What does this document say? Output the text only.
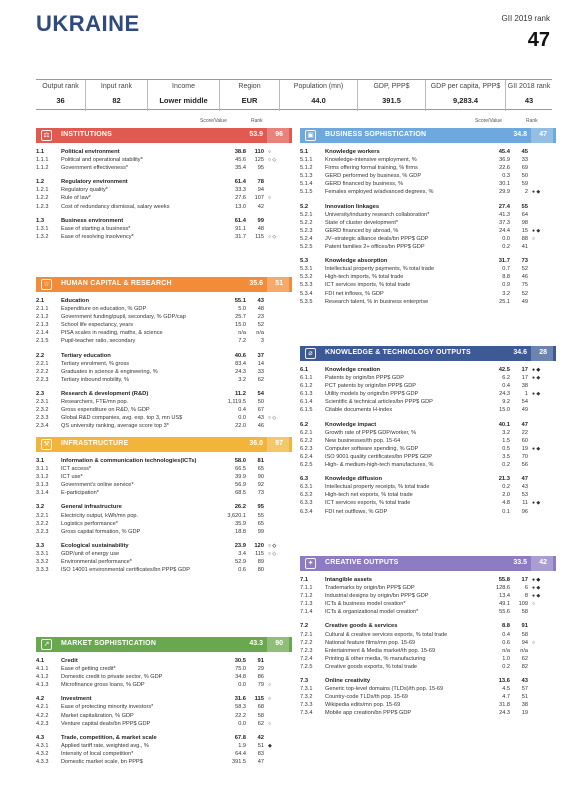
UKRAINE	GII 2019 rank
47
Output rank
36
Input rank
82
Income
Lower middle
Region
EUR
Population (mn)
44.0
GDP, PPP$
391.5
GDP per capita, PPP$
9,283.4
GII 2018 rank
43
Score/Value	Rank	Score/Value	Rank
⚖	INSTITUTIONS	53.9 96
1.1	Political environment	38.8	110 ○
1.1.1	Political and operational stability*	45.6	125 ○ ◇
1.1.2	Government effectiveness*	35.4	95
1.2	Regulatory environment	61.4	78
1.2.1	Regulatory quality*	33.3	94
1.2.2	Rule of law*	27.6	107 ○
1.2.3	Cost of redundancy dismissal, salary weeks	13.0	42
1.3	Business environment	61.4	99
1.3.1	Ease of starting a business*	91.1	48
1.3.2	Ease of resolving insolvency*	31.7	115 ○ ◇
☆	HUMAN CAPITAL & RESEARCH	35.6 51
2.1	Education	55.1	43
2.1.1	Expenditure on education, % GDP	5.0	48
2.1.2	Government funding/pupil, secondary, % GDP/cap	25.7	23
2.1.3	School life expectancy, years	15.0	52
2.1.4	PISA scales in reading, maths, & science	n/a	n/a
2.1.5	Pupil-teacher ratio, secondary	7.2	3
2.2	Tertiary education	40.6	37
2.2.1	Tertiary enrolment, % gross	83.4	14
2.2.2	Graduates in science & engineering, %	24.3	33
2.2.3	Tertiary inbound mobility, %	3.2	62
2.3	Research & development (R&D)	11.2	54
2.3.1	Researchers, FTE/mn pop.	1,119.5	50
2.3.2	Gross expenditure on R&D, % GDP	0.4	67
2.3.3	Global R&D companies, avg. exp. top 3, mn US$	0.0	43 ○ ◇
2.3.4	QS university ranking, average score top 3*	22.0	46
⚒	INFRASTRUCTURE	36.0 97
3.1	Information & communication technologies(ICTs)	58.0	81
3.1.1	ICT access*	66.5	65
3.1.2	ICT use*	39.9	90
3.1.3	Government's online service*	56.9	92
3.1.4	E-participation*	68.5	73
3.2	General infrastructure	26.2	95
3.2.1	Electricity output, kWh/mn pop.	3,620.1	55
3.2.2	Logistics performance*	35.9	65
3.2.3	Gross capital formation, % GDP	18.8	99
3.3	Ecological sustainability	23.9	120 ○ ◇
3.3.1	GDP/unit of energy use	3.4	115 ○ ◇
3.3.2	Environmental performance*	52.9	89
3.3.3	ISO 14001 environmental certificates/bn PPP$ GDP	0.6	80
↗	MARKET SOPHISTICATION	43.3 90
4.1	Credit	30.5	91
4.1.1	Ease of getting credit*	75.0	29
4.1.2	Domestic credit to private sector, % GDP	34.8	86
4.1.3	Microfinance gross loans, % GDP	0.0	79 ○
4.2	Investment	31.6	115 ○
4.2.1	Ease of protecting minority investors*	58.3	68
4.2.2	Market capitalization, % GDP	22.2	58
4.2.3	Venture capital deals/bn PPP$ GDP	0.0	62 ○
4.3	Trade, competition, & market scale	67.8	42
4.3.1	Applied tariff rate, weighted avg., %	1.9	51 ◆
4.3.2	Intensity of local competition*	64.4	83
4.3.3	Domestic market scale, bn PPP$	391.5	47
▣	BUSINESS SOPHISTICATION	34.8 47
5.1	Knowledge workers	45.4	45
5.1.1	Knowledge-intensive employment, %	36.9	33
5.1.2	Firms offering formal training, % firms	22.6	69
5.1.3	GERD performed by business, % GDP	0.3	50
5.1.4	GERD financed by business, %	30.1	59
5.1.5	Females employed w/advanced degrees, %	29.9	2 ● ◆
5.2	Innovation linkages	27.4	55
5.2.1	University/industry research collaboration*	41.3	64
5.2.2	State of cluster development*	37.3	98
5.2.3	GERD financed by abroad, %	24.4	15 ● ◆
5.2.4	JV–strategic alliance deals/bn PPP$ GDP	0.0	88 ○
5.2.5	Patent families 2+ offices/bn PPP$ GDP	0.2	41
5.3	Knowledge absorption	31.7	73
5.3.1	Intellectual property payments, % total trade	0.7	52
5.3.2	High-tech imports, % total trade	8.8	46
5.3.3	ICT services imports, % total trade	0.9	75
5.3.4	FDI net inflows, % GDP	3.2	52
5.3.5	Research talent, % in business enterprise	25.1	49
⌀	KNOWLEDGE & TECHNOLOGY OUTPUTS	34.6 28
6.1	Knowledge creation	42.5	17 ● ◆
6.1.1	Patents by origin/bn PPP$ GDP	6.2	17 ● ◆
6.1.2	PCT patents by origin/bn PPP$ GDP	0.4	38
6.1.3	Utility models by origin/bn PPP$ GDP	24.3	1 ● ◆
6.1.4	Scientific & technical articles/bn PPP$ GDP	9.2	54
6.1.5	Citable documents H-index	15.0	49
6.2	Knowledge impact	40.1	47
6.2.1	Growth rate of PPP$ GDP/worker, %	3.2	22
6.2.2	New businesses/th pop. 15-64	1.5	60
6.2.3	Computer software spending, % GDP	0.5	19 ● ◆
6.2.4	ISO 9001 quality certificates/bn PPP$ GDP	3.5	70
6.2.5	High- & medium-high-tech manufactures, %	0.2	56
6.3	Knowledge diffusion	21.3	47
6.3.1	Intellectual property receipts, % total trade	0.2	43
6.3.2	High-tech net exports, % total trade	2.0	53
6.3.3	ICT services exports, % total trade	4.8	11 ● ◆
6.3.4	FDI net outflows, % GDP	0.1	96
✦	CREATIVE OUTPUTS	33.5 42
7.1	Intangible assets	55.8	17 ● ◆
7.1.1	Trademarks by origin/bn PPP$ GDP	128.6	6 ● ◆
7.1.2	Industrial designs by origin/bn PPP$ GDP	13.4	8 ● ◆
7.1.3	ICTs & business model creation*	49.1	109 ○
7.1.4	ICTs & organizational model creation*	55.6	58
7.2	Creative goods & services	8.8	91
7.2.1	Cultural & creative services exports, % total trade	0.4	58
7.2.2	National feature films/mn pop. 15-69	0.6	94 ○
7.2.3	Entertainment & Media market/th pop. 15-69	n/a	n/a
7.2.4	Printing & other media, % manufacturing	1.0	62
7.2.5	Creative goods exports, % total trade	0.2	82
7.3	Online creativity	13.6	43
7.3.1	Generic top-level domains (TLDs)/th pop. 15-69	4.5	57
7.3.2	Country-code TLDs/th pop. 15-69	4.7	51
7.3.3	Wikipedia edits/mn pop. 15-69	31.8	38
7.3.4	Mobile app creation/bn PPP$ GDP	24.3	19
